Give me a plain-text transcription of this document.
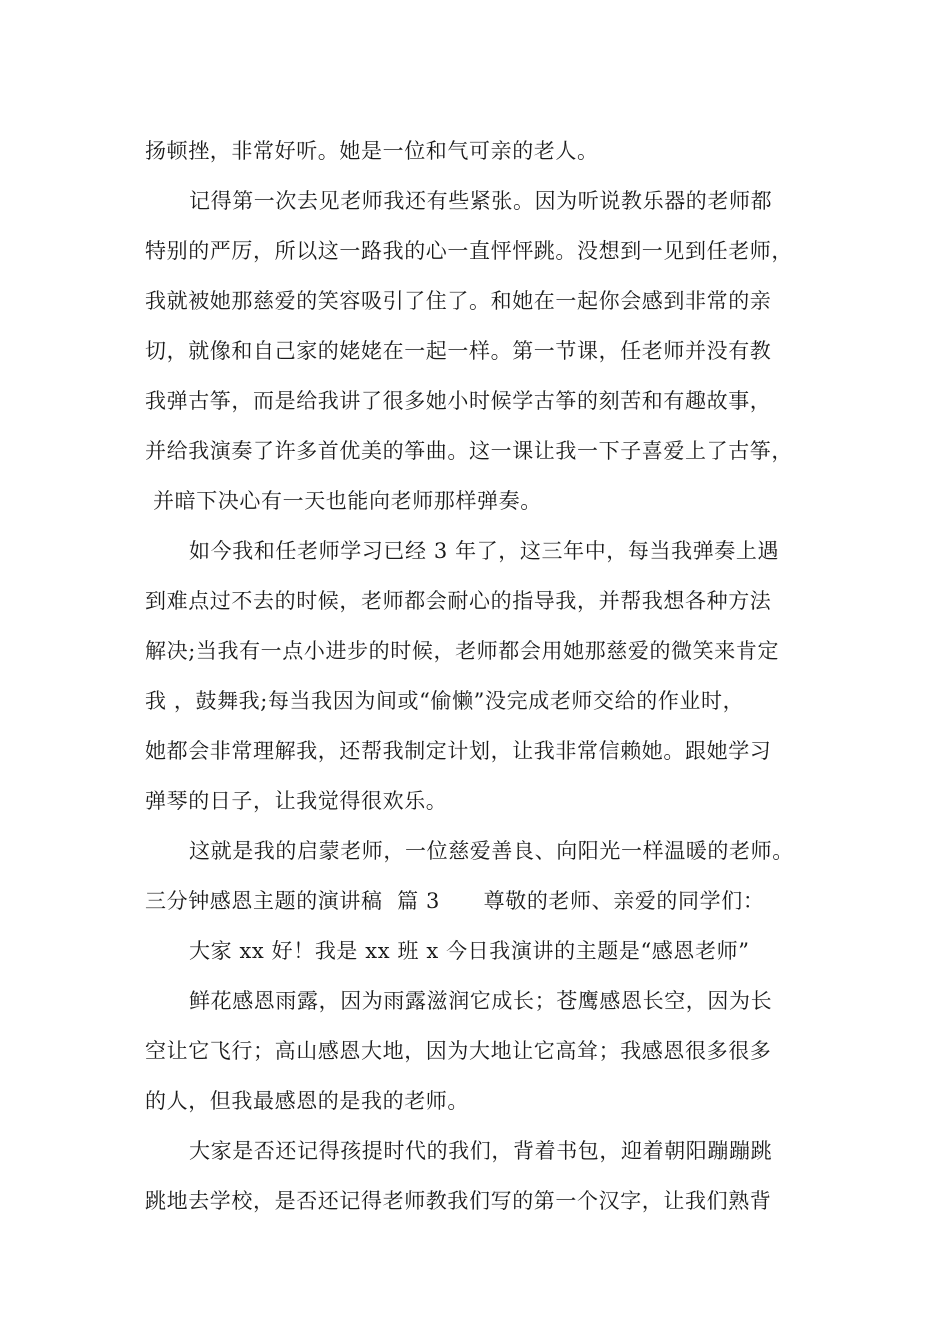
扬顿挫，非常好听。她是一位和气可亲的老人。
记得第一次去见老师我还有些紧张。因为听说教乐器的老师都
特别的严厉，所以这一路我的心一直怦怦跳。没想到一见到任老师，
我就被她那慈爱的笑容吸引了住了。和她在一起你会感到非常的亲
切，就像和自己家的姥姥在一起一样。第一节课，任老师并没有教
我弹古筝，而是给我讲了很多她小时候学古筝的刻苦和有趣故事，
并给我演奏了许多首优美的筝曲。这一课让我一下子喜爱上了古筝，
并暗下决心有一天也能向老师那样弹奏。
如今我和任老师学习已经 3 年了，这三年中，每当我弹奏上遇
到难点过不去的时候，老师都会耐心的指导我，并帮我想各种方法
解决;当我有一点小进步的时候，老师都会用她那慈爱的微笑来肯定
我 ，鼓舞我;每当我因为间或“偷懒”没完成老师交给的作业时，
她都会非常理解我，还帮我制定计划，让我非常信赖她。跟她学习
弹琴的日子，让我觉得很欢乐。
这就是我的启蒙老师，一位慈爱善良、向阳光一样温暖的老师。
三分钟感恩主题的演讲稿  篇 3      尊敬的老师、亲爱的同学们：
大家 xx 好！我是 xx 班 x 今日我演讲的主题是“感恩老师”
鲜花感恩雨露，因为雨露滋润它成长；苍鹰感恩长空，因为长
空让它飞行；高山感恩大地，因为大地让它高耸；我感恩很多很多
的人，但我最感恩的是我的老师。
大家是否还记得孩提时代的我们，背着书包，迎着朝阳蹦蹦跳
跳地去学校，是否还记得老师教我们写的第一个汉字，让我们熟背
